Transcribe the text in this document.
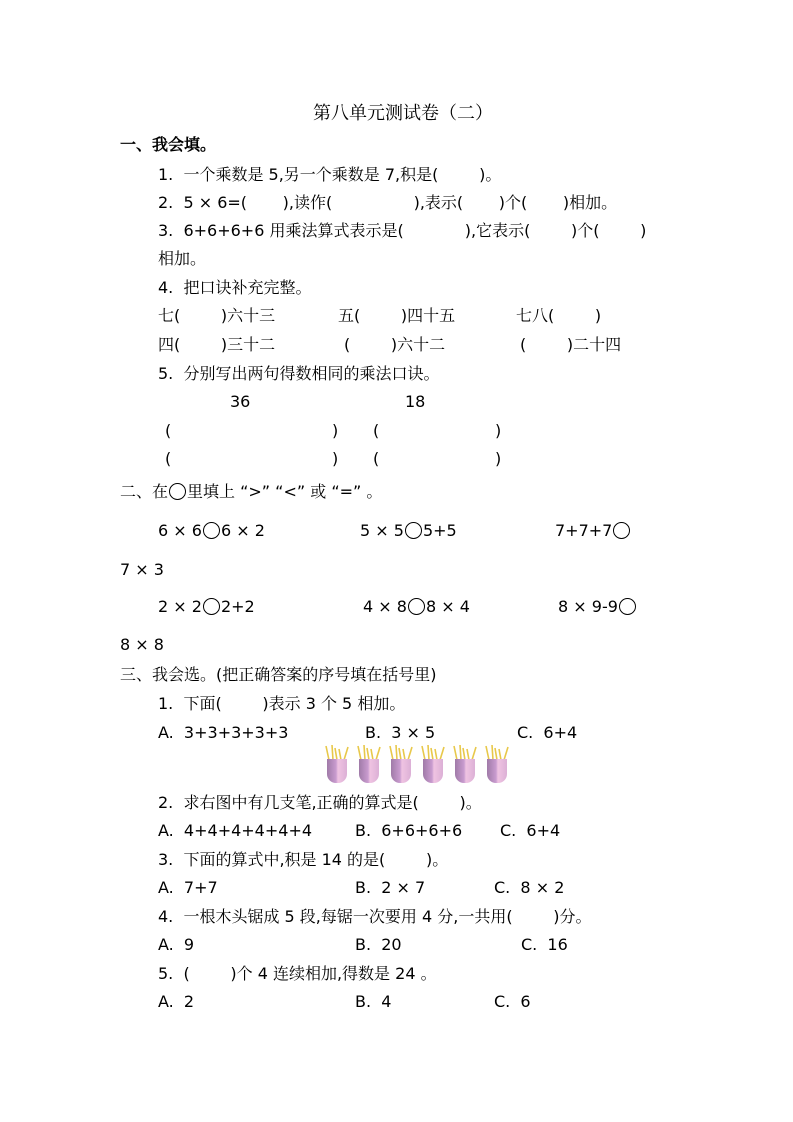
第八单元测试卷（二）
一、我会填。
1.  一个乘数是 5,另一个乘数是 7,积是(        )。
2.  5 × 6=(       ),读作(                ),表示(       )个(       )相加。
3.  6+6+6+6 用乘法算式表示是(            ),它表示(        )个(        )
相加。
4.  把口诀补充完整。
七(        )六十三	五(        )四十五	七八(        )
四(        )三十二	(        )六十二	(        )二十四
5.  分别写出两句得数相同的乘法口诀。
36	18
(	) (	)
(	) (	)
二、在 里填上 “>” “<” 或 “=” 。
6 × 6 6 × 2	5 × 5 5+5	7+7+7
7 × 3
2 × 2 2+2	4 × 8 8 × 4	8 × 9-9
8 × 8
三、我会选。(把正确答案的序号填在括号里)
1.  下面(        )表示 3 个 5 相加。
A.  3+3+3+3+3	B.  3 × 5	C.  6+4
2.  求右图中有几支笔,正确的算式是(        )。
A.  4+4+4+4+4+4	B.  6+6+6+6 C.  6+4
3.  下面的算式中,积是 14 的是(        )。
A.  7+7	B.  2 × 7	C.  8 × 2
4.  一根木头锯成 5 段,每锯一次要用 4 分,一共用(        )分。
A.  9	B.  20	C.  16
5.  (        )个 4 连续相加,得数是 24 。
A.  2	B.  4	C.  6
